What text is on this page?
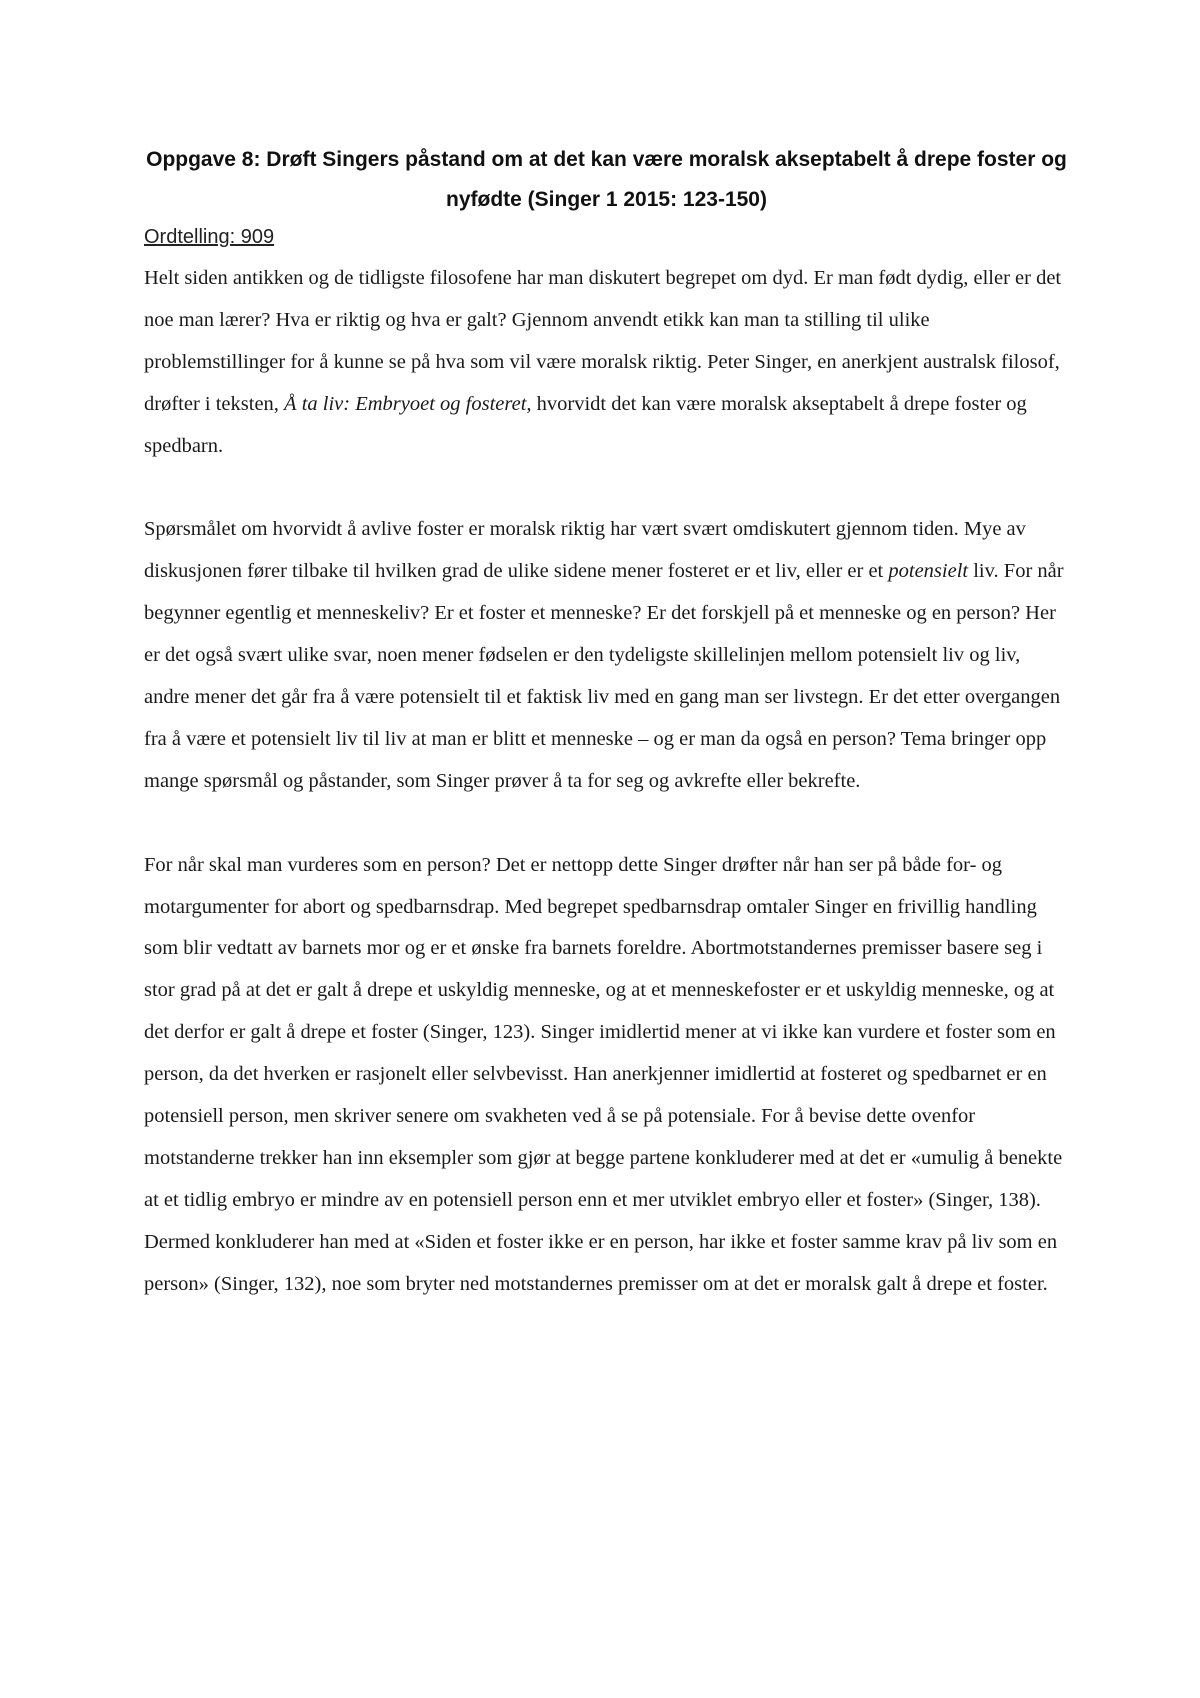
Oppgave 8: Drøft Singers påstand om at det kan være moralsk akseptabelt å drepe foster og nyfødte (Singer 1 2015: 123-150)
Ordtelling: 909

Helt siden antikken og de tidligste filosofene har man diskutert begrepet om dyd. Er man født dydig, eller er det noe man lærer? Hva er riktig og hva er galt? Gjennom anvendt etikk kan man ta stilling til ulike problemstillinger for å kunne se på hva som vil være moralsk riktig. Peter Singer, en anerkjent australsk filosof, drøfter i teksten, Å ta liv: Embryoet og fosteret, hvorvidt det kan være moralsk akseptabelt å drepe foster og spedbarn.

Spørsmålet om hvorvidt å avlive foster er moralsk riktig har vært svært omdiskutert gjennom tiden. Mye av diskusjonen fører tilbake til hvilken grad de ulike sidene mener fosteret er et liv, eller er et potensielt liv. For når begynner egentlig et menneskeliv? Er et foster et menneske? Er det forskjell på et menneske og en person? Her er det også svært ulike svar, noen mener fødselen er den tydeligste skillelinjen mellom potensielt liv og liv, andre mener det går fra å være potensielt til et faktisk liv med en gang man ser livstegn. Er det etter overgangen fra å være et potensielt liv til liv at man er blitt et menneske – og er man da også en person? Tema bringer opp mange spørsmål og påstander, som Singer prøver å ta for seg og avkrefte eller bekrefte.

For når skal man vurderes som en person? Det er nettopp dette Singer drøfter når han ser på både for- og motargumenter for abort og spedbarnsdrap. Med begrepet spedbarnsdrap omtaler Singer en frivillig handling som blir vedtatt av barnets mor og er et ønske fra barnets foreldre. Abortmotstandernes premisser basere seg i stor grad på at det er galt å drepe et uskyldig menneske, og at et menneskefoster er et uskyldig menneske, og at det derfor er galt å drepe et foster (Singer, 123). Singer imidlertid mener at vi ikke kan vurdere et foster som en person, da det hverken er rasjonelt eller selvbevisst. Han anerkjenner imidlertid at fosteret og spedbarnet er en potensiell person, men skriver senere om svakheten ved å se på potensiale. For å bevise dette ovenfor motstanderne trekker han inn eksempler som gjør at begge partene konkluderer med at det er «umulig å benekte at et tidlig embryo er mindre av en potensiell person enn et mer utviklet embryo eller et foster» (Singer, 138). Dermed konkluderer han med at «Siden et foster ikke er en person, har ikke et foster samme krav på liv som en person» (Singer, 132), noe som bryter ned motstandernes premisser om at det er moralsk galt å drepe et foster.
